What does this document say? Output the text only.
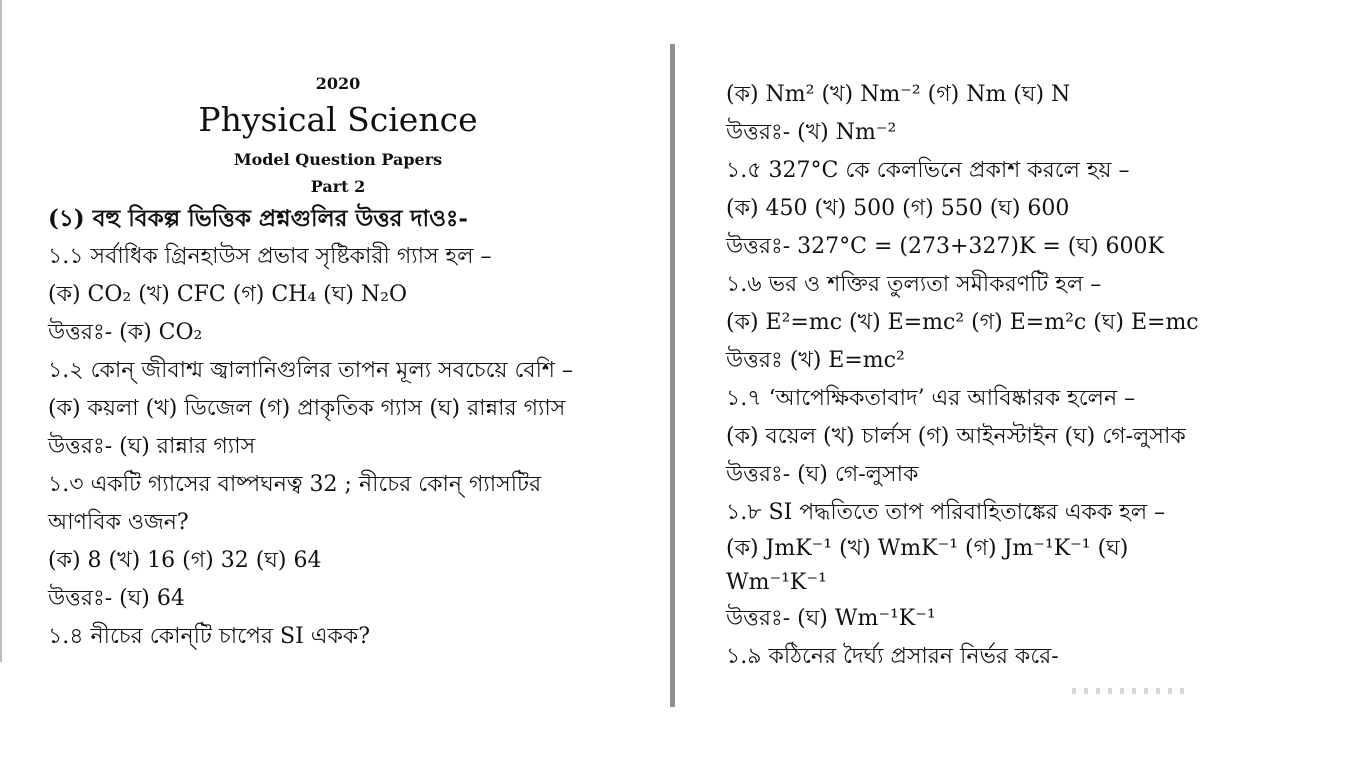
2020
Physical Science
Model Question Papers
Part 2
(১) বহু বিকল্প ভিত্তিক প্রশ্নগুলির উত্তর দাওঃ-
১.১ সর্বাধিক গ্রিনহাউস প্রভাব সৃষ্টিকারী গ্যাস হল –
(ক) CO₂ (খ) CFC (গ) CH₄ (ঘ) N₂O
উত্তরঃ- (ক) CO₂
১.২ কোন্ জীবাশ্ম জ্বালানিগুলির তাপন মূল্য সবচেয়ে বেশি –
(ক) কয়লা (খ) ডিজেল (গ) প্রাকৃতিক গ্যাস (ঘ) রান্নার গ্যাস
উত্তরঃ- (ঘ) রান্নার গ্যাস
১.৩ একটি গ্যাসের বাষ্পঘনত্ব 32 ; নীচের কোন্ গ্যাসটির
আণবিক ওজন?
(ক) 8 (খ) 16 (গ) 32 (ঘ) 64
উত্তরঃ- (ঘ) 64
১.৪ নীচের কোন্‌টি চাপের SI একক?
(ক) Nm² (খ) Nm⁻² (গ) Nm (ঘ) N
উত্তরঃ- (খ) Nm⁻²
১.৫ 327°C কে কেলভিনে প্রকাশ করলে হয় –
(ক) 450 (খ) 500 (গ) 550 (ঘ) 600
উত্তরঃ- 327°C = (273+327)K = (ঘ) 600K
১.৬ ভর ও শক্তির তুল্যতা সমীকরণটি হল –
(ক) E²=mc (খ) E=mc² (গ) E=m²c (ঘ) E=mc
উত্তরঃ (খ) E=mc²
১.৭ ‘আপেক্ষিকতাবাদ’ এর আবিষ্কারক হলেন –
(ক) বয়েল (খ) চার্লস (গ) আইনস্টাইন (ঘ) গে-লুসাক
উত্তরঃ- (ঘ) গে-লুসাক
১.৮ SI পদ্ধতিতে তাপ পরিবাহিতাঙ্কের একক হল –
(ক) JmK⁻¹ (খ) WmK⁻¹ (গ) Jm⁻¹K⁻¹ (ঘ)
Wm⁻¹K⁻¹
উত্তরঃ- (ঘ) Wm⁻¹K⁻¹
১.৯ কঠিনের দৈর্ঘ্য প্রসারন নির্ভর করে-
